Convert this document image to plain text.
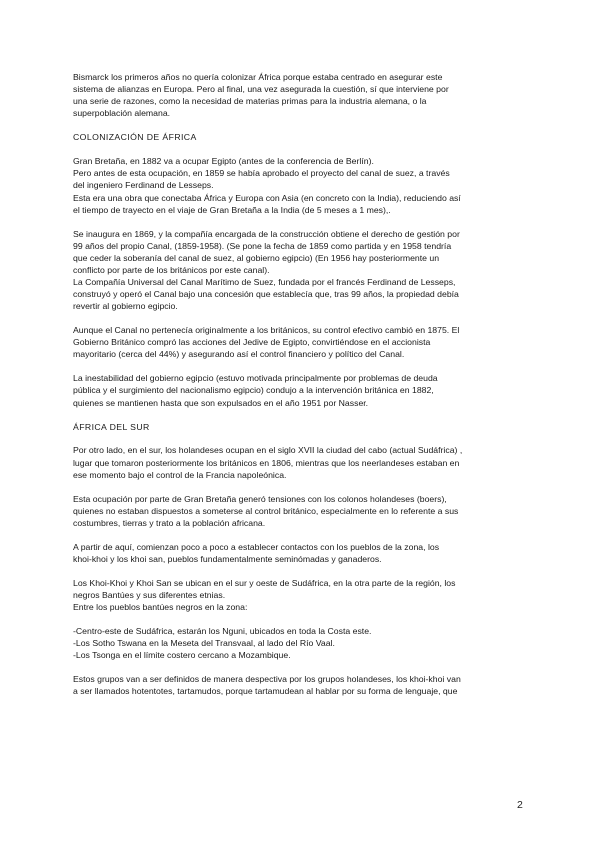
Bismarck los primeros años no quería colonizar África porque estaba centrado en asegurar este
sistema de alianzas en Europa. Pero al final, una vez asegurada la cuestión, sí que interviene por
una serie de razones, como la necesidad de materias primas para la industria alemana, o la
superpoblación alemana.
COLONIZACIÓN DE ÁFRICA
Gran Bretaña, en 1882 va a ocupar Egipto (antes de la conferencia de Berlín).
Pero antes de esta ocupación, en 1859 se había aprobado el proyecto del canal de suez, a través
del ingeniero Ferdinand de Lesseps.
Esta era una obra que conectaba África y Europa con Asia (en concreto con la India), reduciendo así
el tiempo de trayecto en el viaje de Gran Bretaña a la India (de 5 meses a 1 mes),.
Se inaugura en 1869, y la compañía encargada de la construcción obtiene el derecho de gestión por
99 años del propio Canal, (1859-1958). (Se pone la fecha de 1859 como partida y en 1958 tendría
que ceder la soberanía del canal de suez, al gobierno egipcio) (En 1956 hay posteriormente un
conflicto por parte de los británicos por este canal).
La Compañía Universal del Canal Marítimo de Suez, fundada por el francés Ferdinand de Lesseps,
construyó y operó el Canal bajo una concesión que establecía que, tras 99 años, la propiedad debía
revertir al gobierno egipcio.
Aunque el Canal no pertenecía originalmente a los británicos, su control efectivo cambió en 1875. El
Gobierno Británico compró las acciones del Jedive de Egipto, convirtiéndose en el accionista
mayoritario (cerca del 44%) y asegurando así el control financiero y político del Canal.
La inestabilidad del gobierno egipcio (estuvo motivada principalmente por problemas de deuda
pública y el surgimiento del nacionalismo egipcio) condujo a la intervención británica en 1882,
quienes se mantienen hasta que son expulsados en el año 1951 por Nasser.
ÁFRICA DEL SUR
Por otro lado, en el sur, los holandeses ocupan en el siglo XVII la ciudad del cabo (actual Sudáfrica) ,
lugar que tomaron posteriormente los británicos en 1806, mientras que los neerlandeses estaban en
ese momento bajo el control de la Francia napoleónica.
Esta ocupación por parte de Gran Bretaña generó tensiones con los colonos holandeses (boers),
quienes no estaban dispuestos a someterse al control británico, especialmente en lo referente a sus
costumbres, tierras y trato a la población africana.
A partir de aquí, comienzan poco a poco a establecer contactos con los pueblos de la zona, los
khoi-khoi y los khoi san, pueblos fundamentalmente seminómadas y ganaderos.
Los Khoi-Khoi y Khoi San se ubican en el sur y oeste de Sudáfrica, en la otra parte de la región, los
negros Bantúes y sus diferentes etnias.
Entre los pueblos bantúes negros en la zona:
-Centro-este de Sudáfrica, estarán los Nguni, ubicados en toda la Costa este.
-Los Sotho Tswana en la Meseta del Transvaal, al lado del Río Vaal.
-Los Tsonga en el límite costero cercano a Mozambique.
Estos grupos van a ser definidos de manera despectiva por los grupos holandeses, los khoi-khoi van
a ser llamados hotentotes, tartamudos, porque tartamudean al hablar por su forma de lenguaje, que
2
